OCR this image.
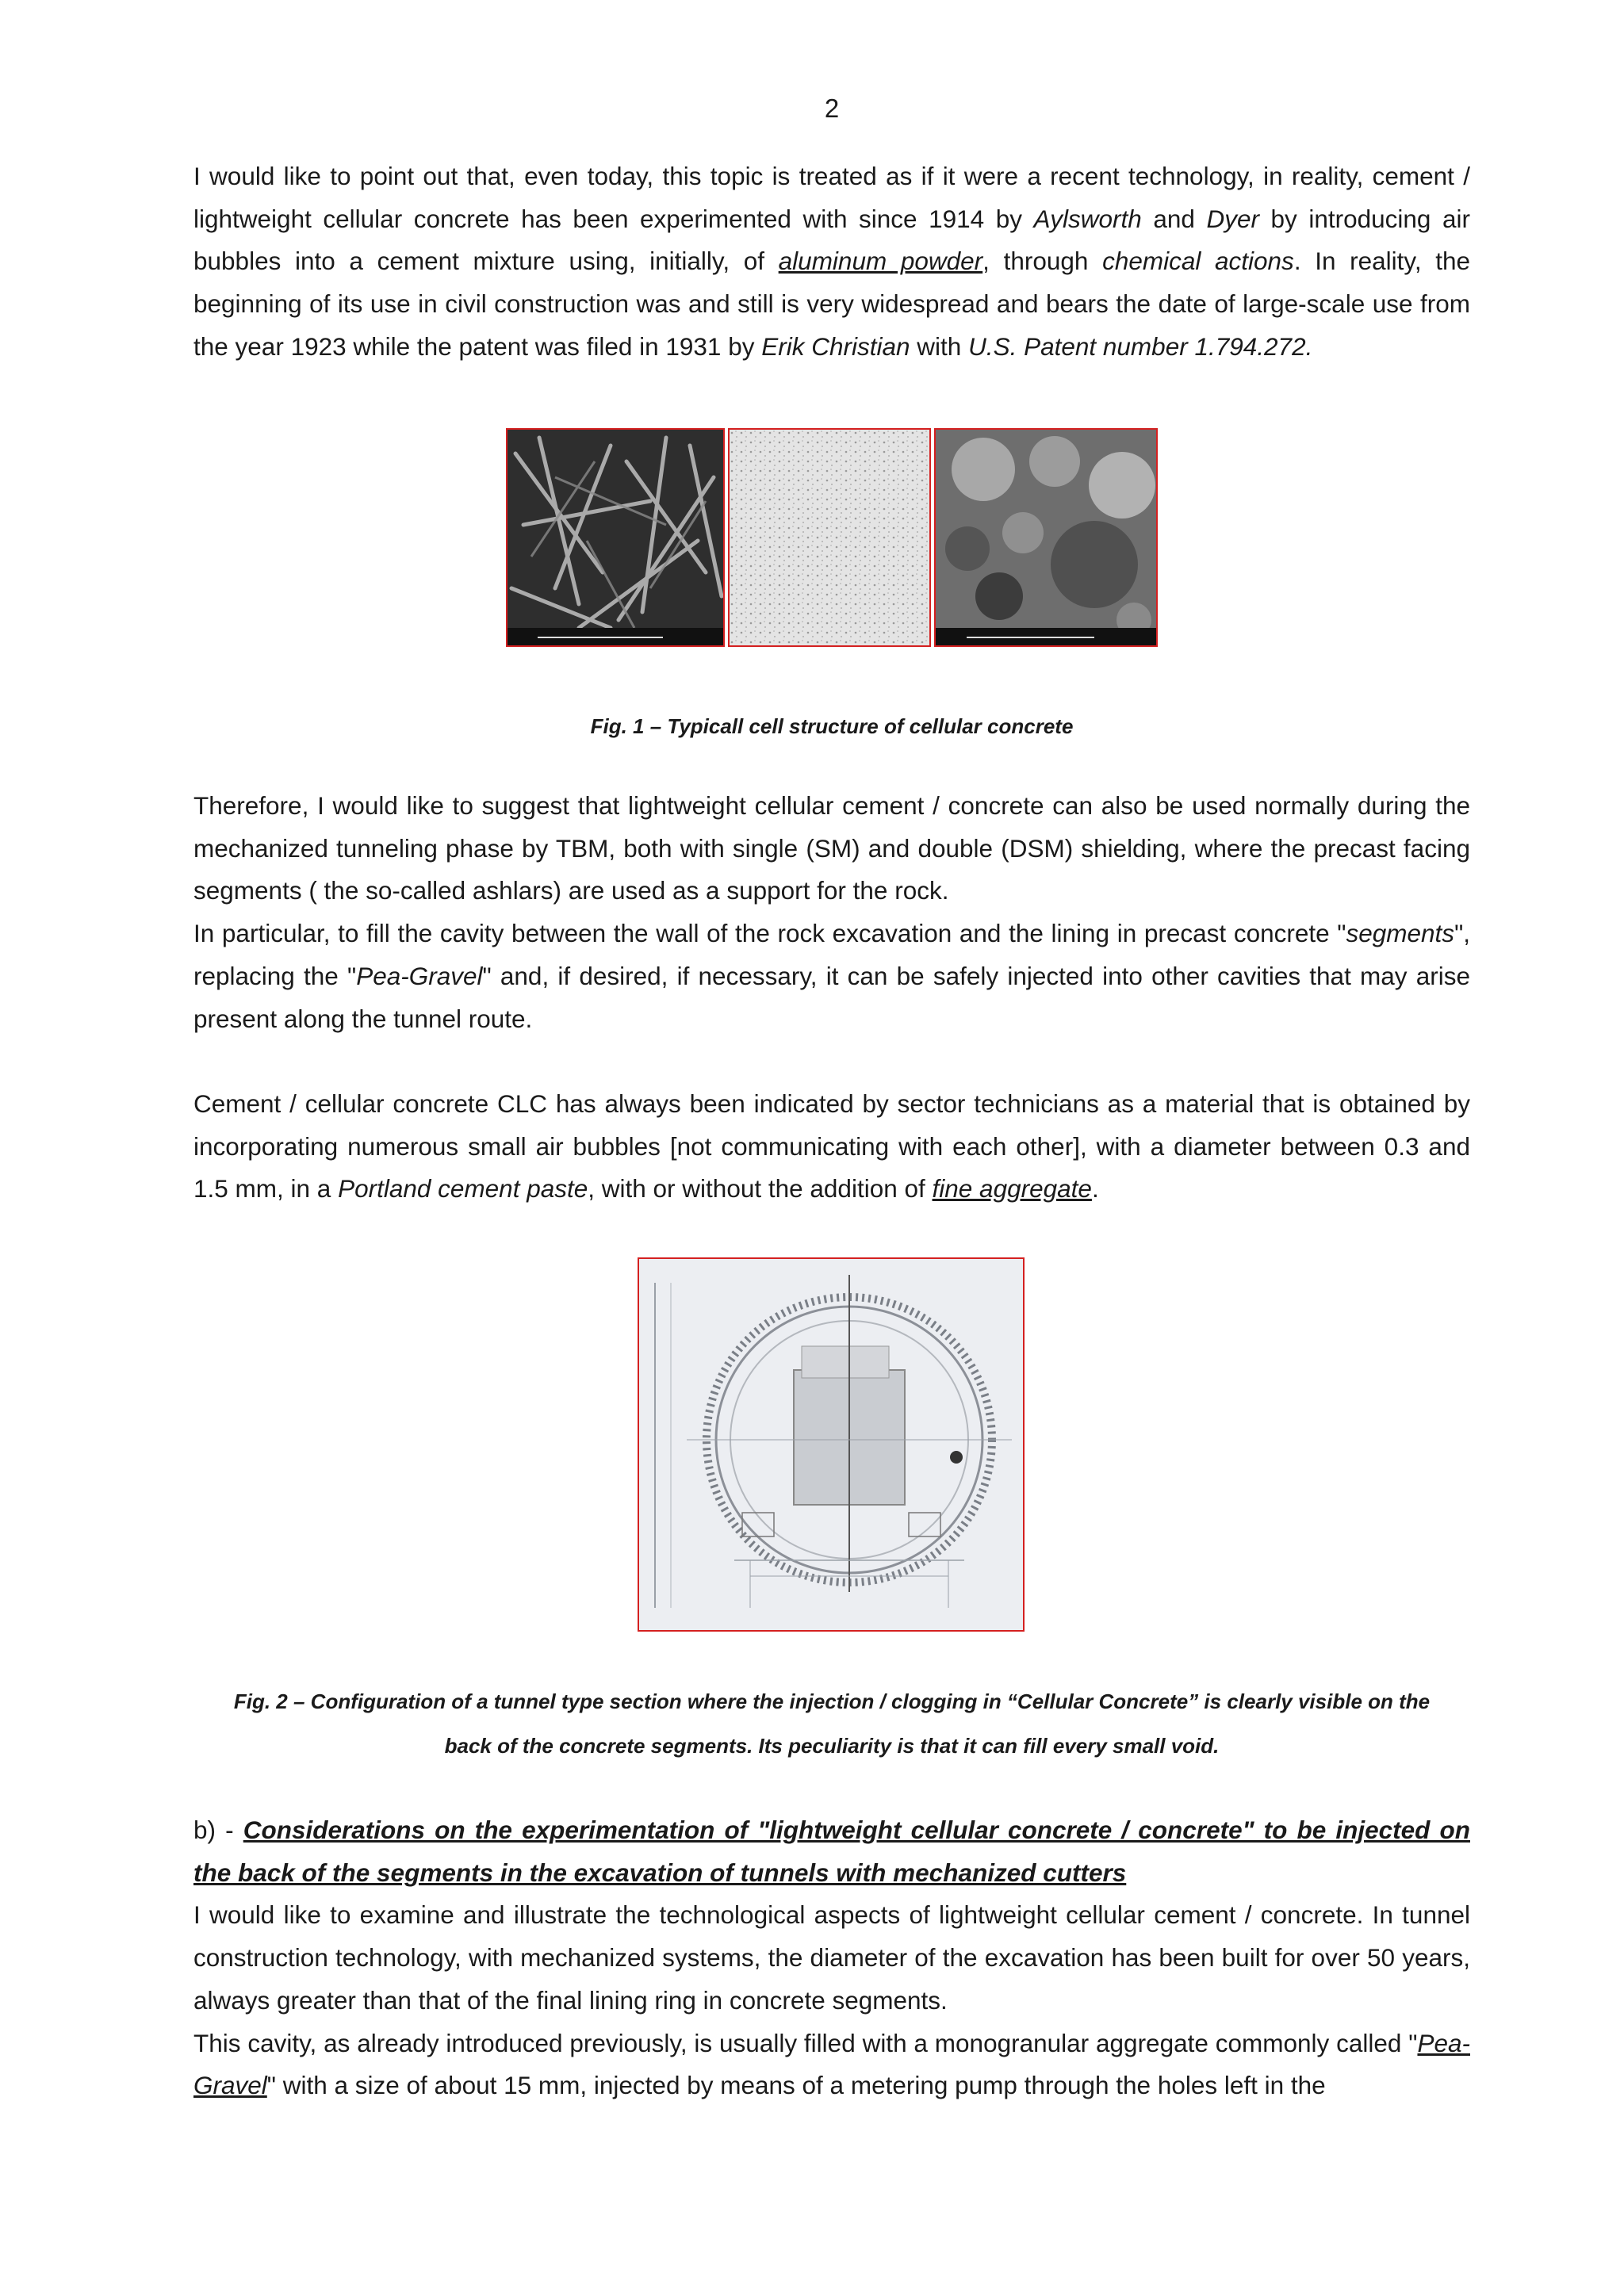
2

I would like to point out that, even today, this topic is treated as if it were a recent technology, in reality, cement / lightweight cellular concrete has been experimented with since 1914 by Aylsworth and Dyer by introducing air bubbles into a cement mixture using, initially, of aluminum powder, through chemical actions. In reality, the beginning of its use in civil construction was and still is very widespread and bears the date of large-scale use from the year 1923 while the patent was filed in 1931 by Erik Christian with U.S. Patent number 1.794.272.

Fig. 1 – Typicall cell structure of cellular concrete

Therefore, I would like to suggest that lightweight cellular cement / concrete can also be used normally during the mechanized tunneling phase by TBM, both with single (SM) and double (DSM) shielding, where the precast facing segments ( the so-called ashlars) are used as a support for the rock.

In particular, to fill the cavity between the wall of the rock excavation and the lining in precast concrete "segments", replacing the "Pea-Gravel" and, if desired, if necessary, it can be safely injected into other cavities that may arise present along the tunnel route.

Cement / cellular concrete CLC has always been indicated by sector technicians as a material that is obtained by incorporating numerous small air bubbles [not communicating with each other], with a diameter between 0.3 and 1.5 mm, in a Portland cement paste, with or without the addition of fine aggregate.

Fig. 2 – Configuration of a tunnel type section where the injection / clogging in “Cellular Concrete” is clearly visible on the
back of the concrete segments. Its peculiarity is that it can fill every small void.

b) - Considerations on the experimentation of "lightweight cellular concrete / concrete" to be injected on the back of the segments in the excavation of tunnels with mechanized cutters

I would like to examine and illustrate the technological aspects of lightweight cellular cement / concrete. In tunnel construction technology, with mechanized systems, the diameter of the excavation has been built for over 50 years, always greater than that of the final lining ring in concrete segments.

This cavity, as already introduced previously, is usually filled with a monogranular aggregate commonly called "Pea-Gravel" with a size of about 15 mm, injected by means of a metering pump through the holes left in the
